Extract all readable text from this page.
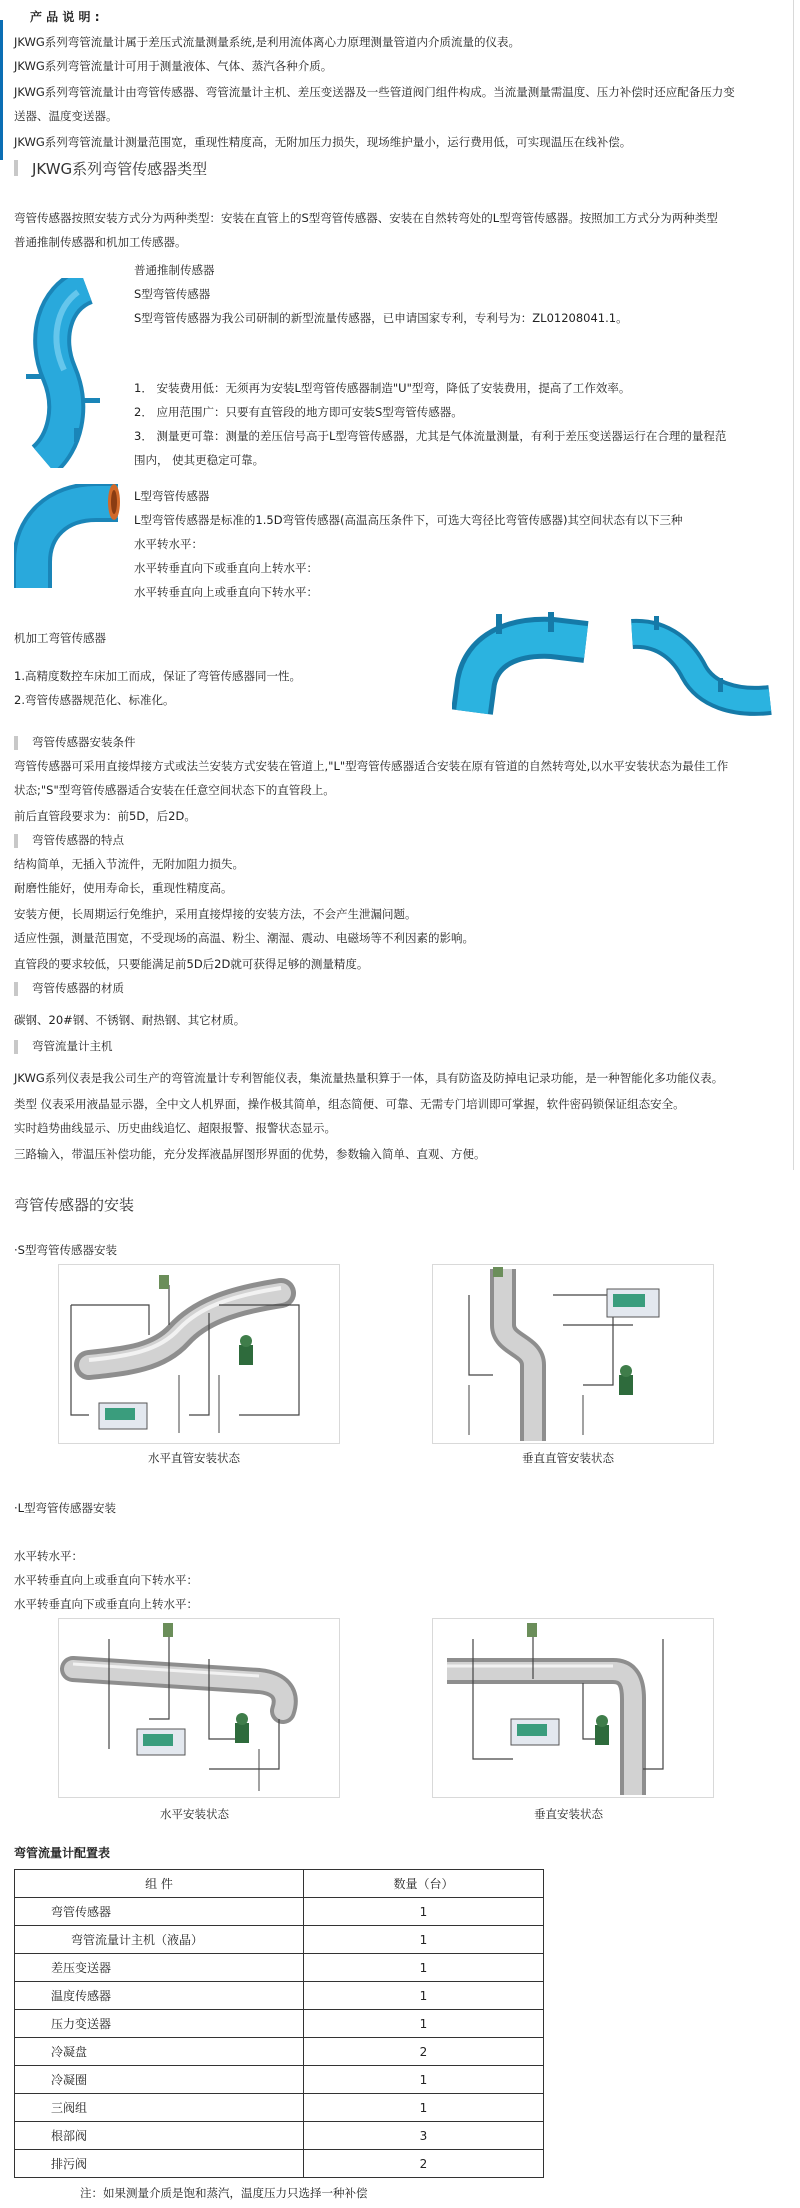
产 品 说 明 :
JKWG系列弯管流量计属于差压式流量测量系统,是利用流体离心力原理测量管道内介质流量的仪表。
JKWG系列弯管流量计可用于测量液体、气体、蒸汽各种介质。
JKWG系列弯管流量计由弯管传感器、弯管流量计主机、差压变送器及一些管道阀门组件构成。当流量测量需温度、压力补偿时还应配备压力变
送器、温度变送器。
JKWG系列弯管流量计测量范围宽，重现性精度高，无附加压力损失，现场维护量小，运行费用低，可实现温压在线补偿。
JKWG系列弯管传感器类型
弯管传感器按照安装方式分为两种类型：安装在直管上的S型弯管传感器、安装在自然转弯处的L型弯管传感器。按照加工方式分为两种类型
普通推制传感器和机加工传感器。
普通推制传感器
S型弯管传感器
S型弯管传感器为我公司研制的新型流量传感器，已申请国家专利，专利号为：ZL01208041.1。
1． 安装费用低：无须再为安装L型弯管传感器制造"U"型弯，降低了安装费用，提高了工作效率。
2． 应用范围广：只要有直管段的地方即可安装S型弯管传感器。
3． 测量更可靠：测量的差压信号高于L型弯管传感器，尤其是气体流量测量，有利于差压变送器运行在合理的量程范
围内， 使其更稳定可靠。
L型弯管传感器
L型弯管传感器是标准的1.5D弯管传感器(高温高压条件下，可选大弯径比弯管传感器)其空间状态有以下三种
水平转水平：
水平转垂直向下或垂直向上转水平：
水平转垂直向上或垂直向下转水平：
机加工弯管传感器
1.高精度数控车床加工而成，保证了弯管传感器同一性。
2.弯管传感器规范化、标准化。
弯管传感器安装条件
弯管传感器可采用直接焊接方式或法兰安装方式安装在管道上,"L"型弯管传感器适合安装在原有管道的自然转弯处,以水平安装状态为最佳工作
状态;"S"型弯管传感器适合安装在任意空间状态下的直管段上。
前后直管段要求为：前5D，后2D。
弯管传感器的特点
结构简单，无插入节流件，无附加阻力损失。
耐磨性能好，使用寿命长，重现性精度高。
安装方便，长周期运行免维护，采用直接焊接的安装方法，不会产生泄漏问题。
适应性强，测量范围宽，不受现场的高温、粉尘、潮湿、震动、电磁场等不利因素的影响。
直管段的要求较低，只要能满足前5D后2D就可获得足够的测量精度。
弯管传感器的材质
碳钢、20#钢、不锈钢、耐热钢、其它材质。
弯管流量计主机
JKWG系列仪表是我公司生产的弯管流量计专利智能仪表，集流量热量积算于一体，具有防盗及防掉电记录功能，是一种智能化多功能仪表。
类型 仪表采用液晶显示器，全中文人机界面，操作极其简单，组态简便、可靠、无需专门培训即可掌握，软件密码锁保证组态安全。
实时趋势曲线显示、历史曲线追忆、超限报警、报警状态显示。
三路输入，带温压补偿功能，充分发挥液晶屏图形界面的优势，参数输入简单、直观、方便。
弯管传感器的安装
·S型弯管传感器安装
水平直管安装状态	垂直直管安装状态
·L型弯管传感器安装
水平转水平：
水平转垂直向上或垂直向下转水平：
水平转垂直向下或垂直向上转水平：
水平安装状态	垂直安装状态
弯管流量计配置表
组 件	数量（台）
弯管传感器	1
弯管流量计主机（液晶）	1
差压变送器	1
温度传感器	1
压力变送器	1
冷凝盘	2
冷凝圈	1
三阀组	1
根部阀	3
排污阀	2
注：如果测量介质是饱和蒸汽，温度压力只选择一种补偿
